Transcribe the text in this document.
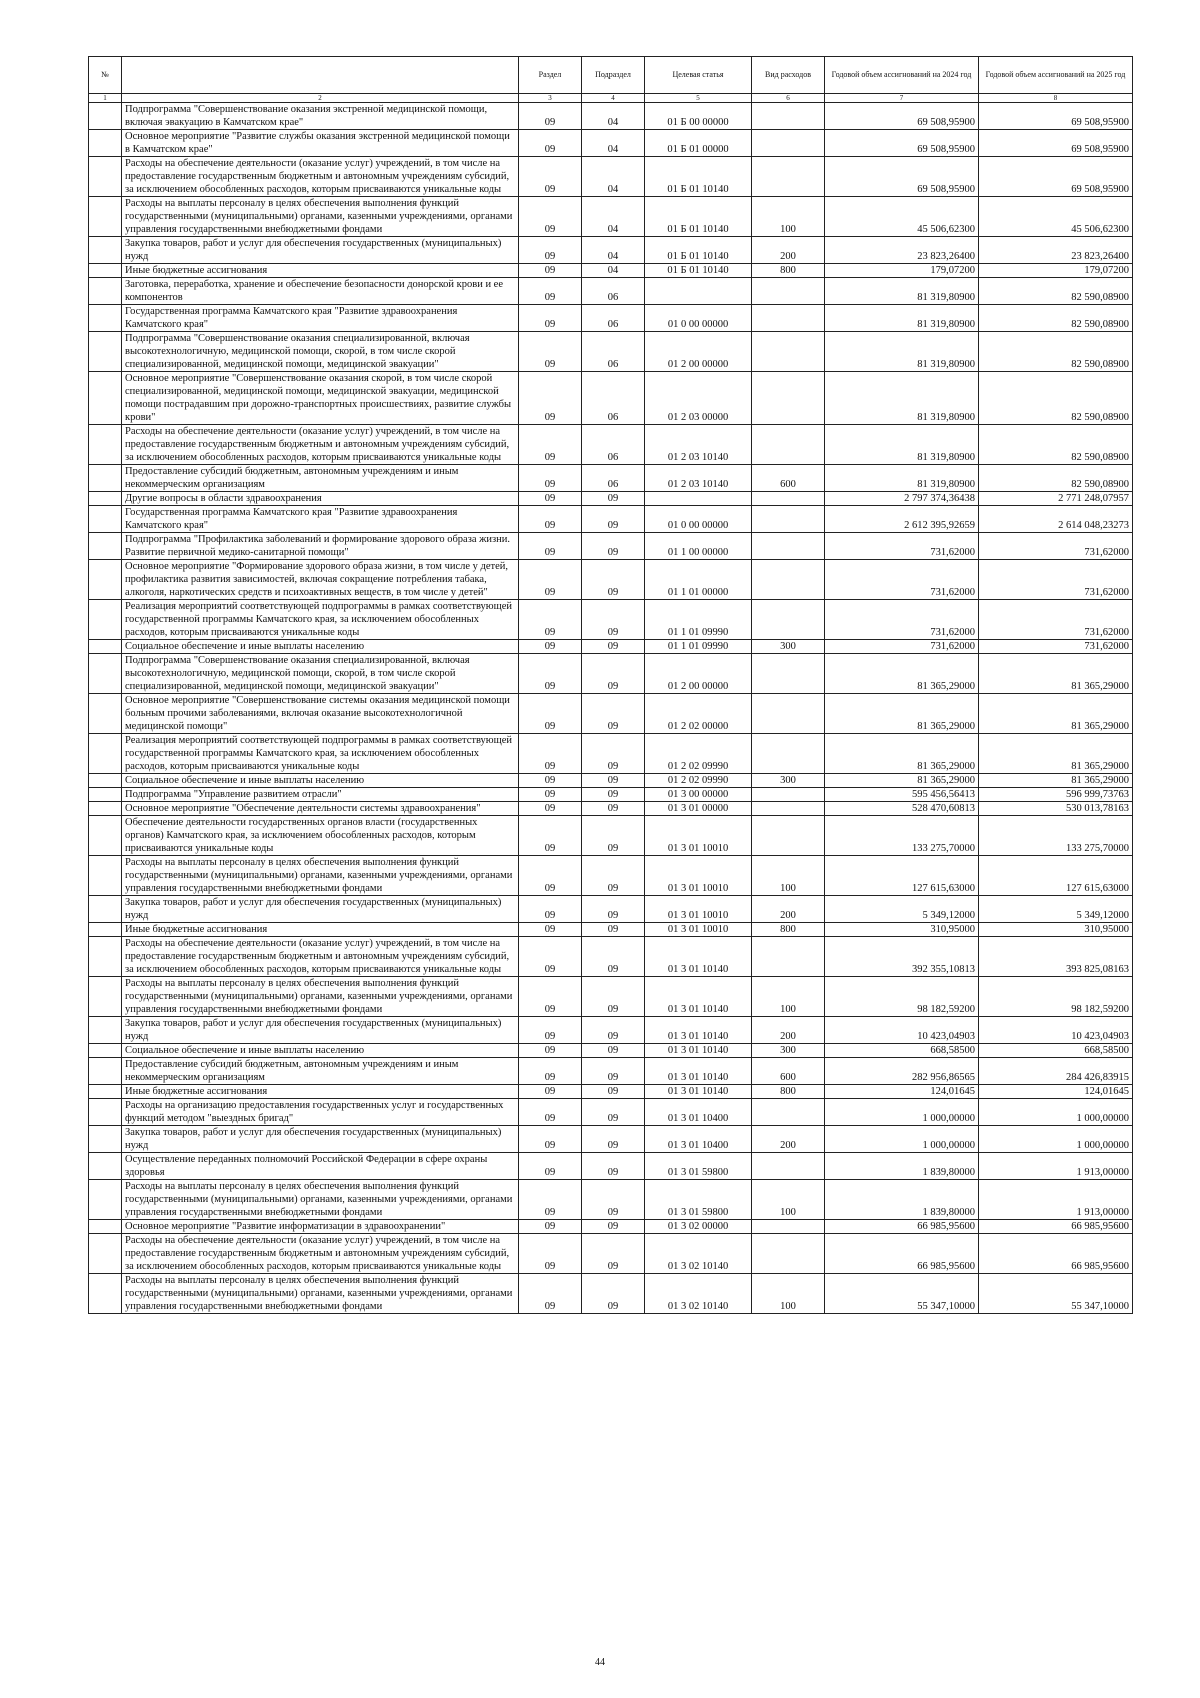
№		Раздел	Подраздел	Целевая статья	Вид расходов	Годовой объем ассигнований на 2024 год	Годовой объем ассигнований на 2025 год
1	2	3	4	5	6	7	8
	Подпрограмма "Совершенствование оказания экстренной медицинской помощи, включая эвакуацию в Камчатском крае"	09	04	01 Б 00 00000		69 508,95900	69 508,95900
	Основное мероприятие "Развитие службы оказания экстренной медицинской помощи в Камчатском крае"	09	04	01 Б 01 00000		69 508,95900	69 508,95900
	Расходы на обеспечение деятельности (оказание услуг) учреждений, в том числе на предоставление государственным бюджетным и автономным учреждениям субсидий, за исключением обособленных расходов, которым присваиваются уникальные коды	09	04	01 Б 01 10140		69 508,95900	69 508,95900
	Расходы на выплаты персоналу в целях обеспечения выполнения функций государственными (муниципальными) органами, казенными учреждениями, органами управления государственными внебюджетными фондами	09	04	01 Б 01 10140	100	45 506,62300	45 506,62300
	Закупка товаров, работ и услуг для обеспечения государственных (муниципальных) нужд	09	04	01 Б 01 10140	200	23 823,26400	23 823,26400
	Иные бюджетные ассигнования	09	04	01 Б 01 10140	800	179,07200	179,07200
	Заготовка, переработка, хранение и обеспечение безопасности донорской крови и ее компонентов	09	06			81 319,80900	82 590,08900
	Государственная программа Камчатского края "Развитие здравоохранения Камчатского края"	09	06	01 0 00 00000		81 319,80900	82 590,08900
	Подпрограмма "Совершенствование оказания специализированной, включая высокотехнологичную, медицинской помощи, скорой, в том числе скорой специализированной, медицинской помощи, медицинской эвакуации"	09	06	01 2 00 00000		81 319,80900	82 590,08900
	Основное мероприятие "Совершенствование оказания скорой, в том числе скорой специализированной, медицинской помощи, медицинской эвакуации, медицинской помощи пострадавшим при дорожно-транспортных происшествиях, развитие службы крови"	09	06	01 2 03 00000		81 319,80900	82 590,08900
	Расходы на обеспечение деятельности (оказание услуг) учреждений, в том числе на предоставление государственным бюджетным и автономным учреждениям субсидий, за исключением обособленных расходов, которым присваиваются уникальные коды	09	06	01 2 03 10140		81 319,80900	82 590,08900
	Предоставление субсидий бюджетным, автономным учреждениям и иным некоммерческим организациям	09	06	01 2 03 10140	600	81 319,80900	82 590,08900
	Другие вопросы в области здравоохранения	09	09			2 797 374,36438	2 771 248,07957
	Государственная программа Камчатского края "Развитие здравоохранения Камчатского края"	09	09	01 0 00 00000		2 612 395,92659	2 614 048,23273
	Подпрограмма "Профилактика заболеваний и формирование здорового образа жизни. Развитие первичной медико-санитарной помощи"	09	09	01 1 00 00000		731,62000	731,62000
	Основное мероприятие "Формирование здорового образа жизни, в том числе у детей, профилактика развития зависимостей, включая сокращение потребления табака, алкоголя, наркотических средств и психоактивных веществ, в том числе у детей"	09	09	01 1 01 00000		731,62000	731,62000
	Реализация мероприятий соответствующей подпрограммы в рамках соответствующей государственной программы Камчатского края, за исключением обособленных расходов, которым присваиваются уникальные коды	09	09	01 1 01 09990		731,62000	731,62000
	Социальное обеспечение и иные выплаты населению	09	09	01 1 01 09990	300	731,62000	731,62000
	Подпрограмма "Совершенствование оказания специализированной, включая высокотехнологичную, медицинской помощи, скорой, в том числе скорой специализированной, медицинской помощи, медицинской эвакуации"	09	09	01 2 00 00000		81 365,29000	81 365,29000
	Основное мероприятие "Совершенствование системы оказания медицинской помощи больным прочими заболеваниями, включая оказание высокотехнологичной медицинской помощи"	09	09	01 2 02 00000		81 365,29000	81 365,29000
	Реализация мероприятий соответствующей подпрограммы в рамках соответствующей государственной программы Камчатского края, за исключением обособленных расходов, которым присваиваются уникальные коды	09	09	01 2 02 09990		81 365,29000	81 365,29000
	Социальное обеспечение и иные выплаты населению	09	09	01 2 02 09990	300	81 365,29000	81 365,29000
	Подпрограмма "Управление развитием отрасли"	09	09	01 3 00 00000		595 456,56413	596 999,73763
	Основное мероприятие "Обеспечение деятельности системы здравоохранения"	09	09	01 3 01 00000		528 470,60813	530 013,78163
	Обеспечение деятельности государственных органов власти (государственных органов) Камчатского края, за исключением обособленных расходов, которым присваиваются уникальные коды	09	09	01 3 01 10010		133 275,70000	133 275,70000
	Расходы на выплаты персоналу в целях обеспечения выполнения функций государственными (муниципальными) органами, казенными учреждениями, органами управления государственными внебюджетными фондами	09	09	01 3 01 10010	100	127 615,63000	127 615,63000
	Закупка товаров, работ и услуг для обеспечения государственных (муниципальных) нужд	09	09	01 3 01 10010	200	5 349,12000	5 349,12000
	Иные бюджетные ассигнования	09	09	01 3 01 10010	800	310,95000	310,95000
	Расходы на обеспечение деятельности (оказание услуг) учреждений, в том числе на предоставление государственным бюджетным и автономным учреждениям субсидий, за исключением обособленных расходов, которым присваиваются уникальные коды	09	09	01 3 01 10140		392 355,10813	393 825,08163
	Расходы на выплаты персоналу в целях обеспечения выполнения функций государственными (муниципальными) органами, казенными учреждениями, органами управления государственными внебюджетными фондами	09	09	01 3 01 10140	100	98 182,59200	98 182,59200
	Закупка товаров, работ и услуг для обеспечения государственных (муниципальных) нужд	09	09	01 3 01 10140	200	10 423,04903	10 423,04903
	Социальное обеспечение и иные выплаты населению	09	09	01 3 01 10140	300	668,58500	668,58500
	Предоставление субсидий бюджетным, автономным учреждениям и иным некоммерческим организациям	09	09	01 3 01 10140	600	282 956,86565	284 426,83915
	Иные бюджетные ассигнования	09	09	01 3 01 10140	800	124,01645	124,01645
	Расходы на организацию предоставления государственных услуг и государственных функций методом "выездных бригад"	09	09	01 3 01 10400		1 000,00000	1 000,00000
	Закупка товаров, работ и услуг для обеспечения государственных (муниципальных) нужд	09	09	01 3 01 10400	200	1 000,00000	1 000,00000
	Осуществление переданных полномочий Российской Федерации в сфере охраны здоровья	09	09	01 3 01 59800		1 839,80000	1 913,00000
	Расходы на выплаты персоналу в целях обеспечения выполнения функций государственными (муниципальными) органами, казенными учреждениями, органами управления государственными внебюджетными фондами	09	09	01 3 01 59800	100	1 839,80000	1 913,00000
	Основное мероприятие "Развитие информатизации в здравоохранении"	09	09	01 3 02 00000		66 985,95600	66 985,95600
	Расходы на обеспечение деятельности (оказание услуг) учреждений, в том числе на предоставление государственным бюджетным и автономным учреждениям субсидий, за исключением обособленных расходов, которым присваиваются уникальные коды	09	09	01 3 02 10140		66 985,95600	66 985,95600
	Расходы на выплаты персоналу в целях обеспечения выполнения функций государственными (муниципальными) органами, казенными учреждениями, органами управления государственными внебюджетными фондами	09	09	01 3 02 10140	100	55 347,10000	55 347,10000
44
